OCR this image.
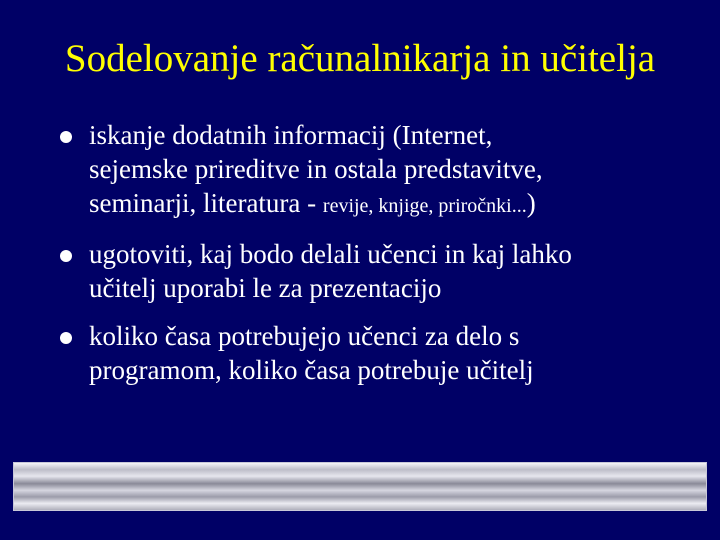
Sodelovanje računalnikarja in učitelja
iskanje dodatnih informacij (Internet,
sejemske prireditve in ostala predstavitve,
seminarji, literatura - revije, knjige, priročnki...)
ugotoviti, kaj bodo delali učenci in kaj lahko
učitelj uporabi le za prezentacijo
koliko časa potrebujejo učenci za delo s
programom, koliko časa potrebuje učitelj
